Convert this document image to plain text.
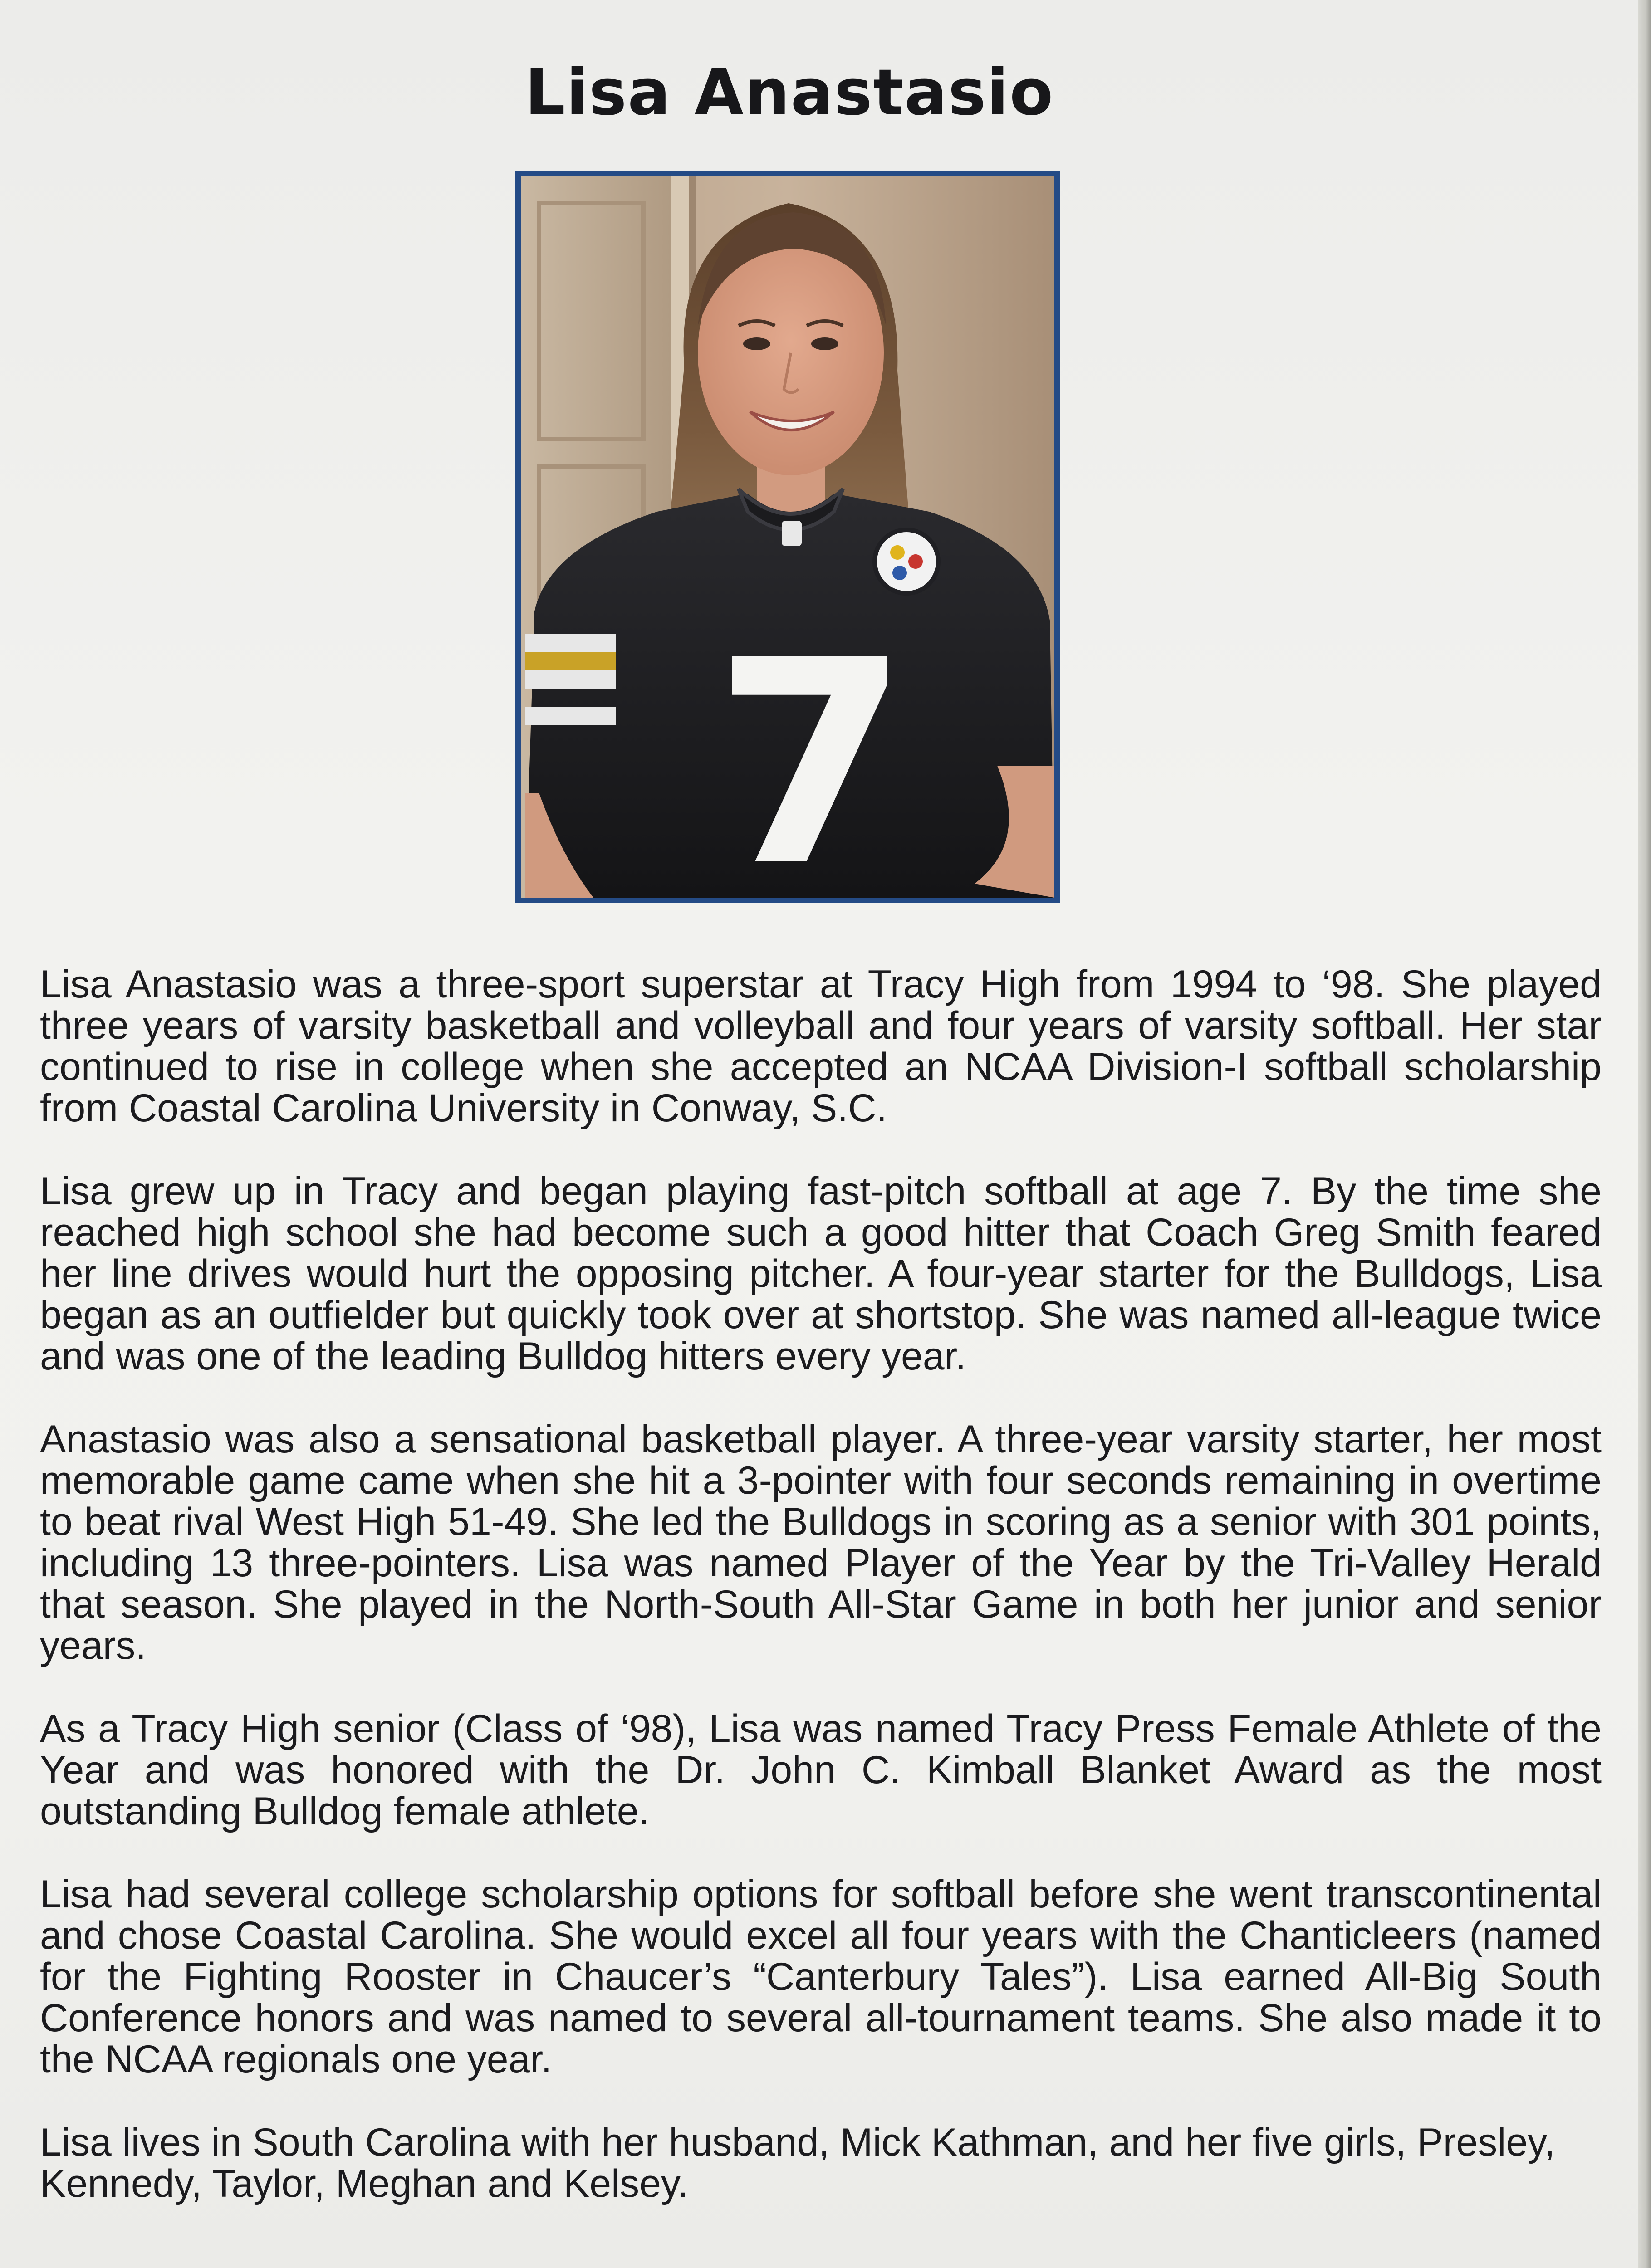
Lisa Anastasio
7

Lisa Anastasio was a three-sport superstar at Tracy High from 1994 to ‘98. She played three years of varsity basketball and volleyball and four years of varsity softball. Her star continued to rise in college when she accepted an NCAA Division-I softball scholarship from Coastal Carolina University in Conway, S.C.

Lisa grew up in Tracy and began playing fast-pitch softball at age 7. By the time she reached high school she had become such a good hitter that Coach Greg Smith feared her line drives would hurt the opposing pitcher. A four-year starter for the Bulldogs, Lisa began as an outfielder but quickly took over at shortstop. She was named all-league twice and was one of the leading Bulldog hitters every year.

Anastasio was also a sensational basketball player. A three-year varsity starter, her most memorable game came when she hit a 3-pointer with four seconds remaining in overtime to beat rival West High 51-49. She led the Bulldogs in scoring as a senior with 301 points, including 13 three-pointers. Lisa was named Player of the Year by the Tri-Valley Herald that season. She played in the North-South All-Star Game in both her junior and senior years.

As a Tracy High senior (Class of ‘98), Lisa was named Tracy Press Female Athlete of the Year and was honored with the Dr. John C. Kimball Blanket Award as the most outstanding Bulldog female athlete.

Lisa had several college scholarship options for softball before she went transcontinental and chose Coastal Carolina. She would excel all four years with the Chanticleers (named for the Fighting Rooster in Chaucer’s “Canterbury Tales”). Lisa earned All-Big South Conference honors and was named to several all-tournament teams. She also made it to the NCAA regionals one year.

Lisa lives in South Carolina with her husband, Mick Kathman, and her five girls, Presley, Kennedy, Taylor, Meghan and Kelsey.
